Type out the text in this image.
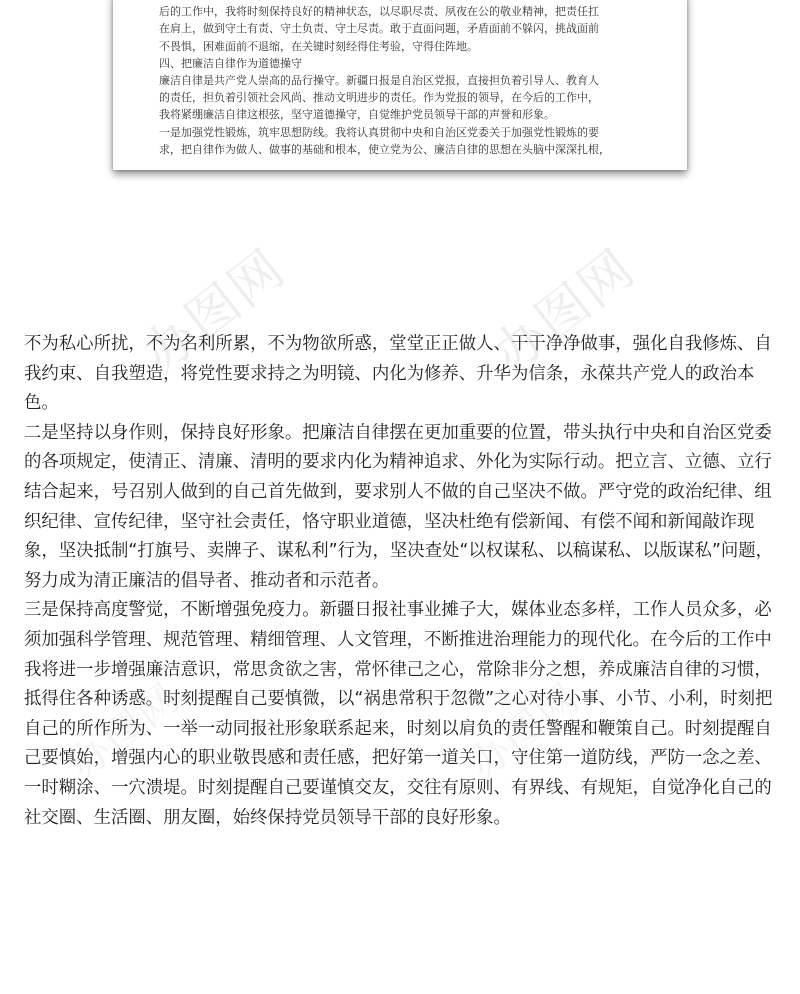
办图网	办图网
办图网	办图网

后的工作中，我将时刻保持良好的精神状态，以尽职尽责、夙夜在公的敬业精神，把责任扛

在肩上，做到守土有责、守土负责、守土尽责。敢于直面问题，矛盾面前不躲闪，挑战面前

不畏惧，困难面前不退缩，在关键时刻经得住考验，守得住阵地。

四、把廉洁自律作为道德操守

廉洁自律是共产党人崇高的品行操守。新疆日报是自治区党报，直接担负着引导人、教育人

的责任，担负着引领社会风尚、推动文明进步的责任。作为党报的领导，在今后的工作中，

我将紧绷廉洁自律这根弦，坚守道德操守，自觉维护党员领导干部的声誉和形象。

一是加强党性锻炼，筑牢思想防线。我将认真贯彻中央和自治区党委关于加强党性锻炼的要

求，把自律作为做人、做事的基础和根本，使立党为公、廉洁自律的思想在头脑中深深扎根，

不为私心所扰，不为名利所累，不为物欲所惑，堂堂正正做人、干干净净做事，强化自我修炼、自我约束、自我塑造，将党性要求持之为明镜、内化为修养、升华为信条，永葆共产党人的政治本色。

二是坚持以身作则，保持良好形象。把廉洁自律摆在更加重要的位置，带头执行中央和自治区党委的各项规定，使清正、清廉、清明的要求内化为精神追求、外化为实际行动。把立言、立德、立行结合起来，号召别人做到的自己首先做到，要求别人不做的自己坚决不做。严守党的政治纪律、组织纪律、宣传纪律，坚守社会责任，恪守职业道德，坚决杜绝有偿新闻、有偿不闻和新闻敲诈现象，坚决抵制“打旗号、卖牌子、谋私利”行为，坚决查处“以权谋私、以稿谋私、以版谋私”问题，努力成为清正廉洁的倡导者、推动者和示范者。

三是保持高度警觉，不断增强免疫力。新疆日报社事业摊子大，媒体业态多样，工作人员众多，必须加强科学管理、规范管理、精细管理、人文管理，不断推进治理能力的现代化。在今后的工作中我将进一步增强廉洁意识，常思贪欲之害，常怀律己之心，常除非分之想，养成廉洁自律的习惯，抵得住各种诱惑。时刻提醒自己要慎微，以“祸患常积于忽微”之心对待小事、小节、小利，时刻把自己的所作所为、一举一动同报社形象联系起来，时刻以肩负的责任警醒和鞭策自己。时刻提醒自己要慎始，增强内心的职业敬畏感和责任感，把好第一道关口，守住第一道防线，严防一念之差、一时糊涂、一穴溃堤。时刻提醒自己要谨慎交友，交往有原则、有界线、有规矩，自觉净化自己的社交圈、生活圈、朋友圈，始终保持党员领导干部的良好形象。
